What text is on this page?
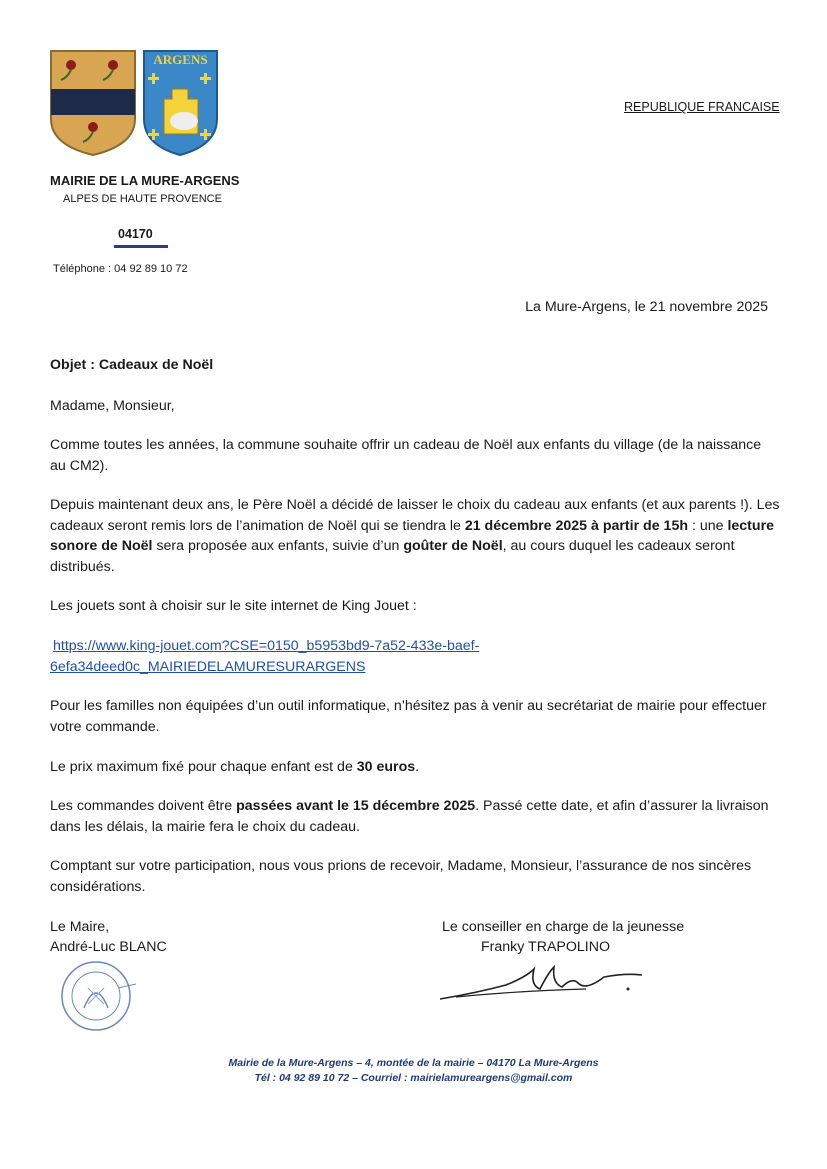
ARGENS
REPUBLIQUE FRANCAISE
MAIRIE DE LA MURE-ARGENS
ALPES DE HAUTE PROVENCE
04170
Téléphone : 04 92 89 10 72
La Mure-Argens, le 21 novembre 2025
Objet : Cadeaux de Noël
Madame, Monsieur,
Comme toutes les années, la commune souhaite offrir un cadeau de Noël aux enfants du village (de la naissance au CM2).
Depuis maintenant deux ans, le Père Noël a décidé de laisser le choix du cadeau aux enfants (et aux parents !). Les cadeaux seront remis lors de l’animation de Noël qui se tiendra le 21 décembre 2025 à partir de 15h : une lecture sonore de Noël sera proposée aux enfants, suivie d’un goûter de Noël, au cours duquel les cadeaux seront distribués.
Les jouets sont à choisir sur le site internet de King Jouet :
https://www.king-jouet.com?CSE=0150_b5953bd9-7a52-433e-baef-
6efa34deed0c_MAIRIEDELAMURESURARGENS
Pour les familles non équipées d’un outil informatique, n’hésitez pas à venir au secrétariat de mairie pour effectuer votre commande.
Le prix maximum fixé pour chaque enfant est de 30 euros.
Les commandes doivent être passées avant le 15 décembre 2025. Passé cette date, et afin d’assurer la livraison dans les délais, la mairie fera le choix du cadeau.
Comptant sur votre participation, nous vous prions de recevoir, Madame, Monsieur, l’assurance de nos sincères considérations.
Le Maire,
André-Luc BLANC
Le conseiller en charge de la jeunesse
Franky TRAPOLINO
Mairie de la Mure-Argens – 4, montée de la mairie – 04170 La Mure-Argens
Tél : 04 92 89 10 72 – Courriel : mairielamureargens@gmail.com
